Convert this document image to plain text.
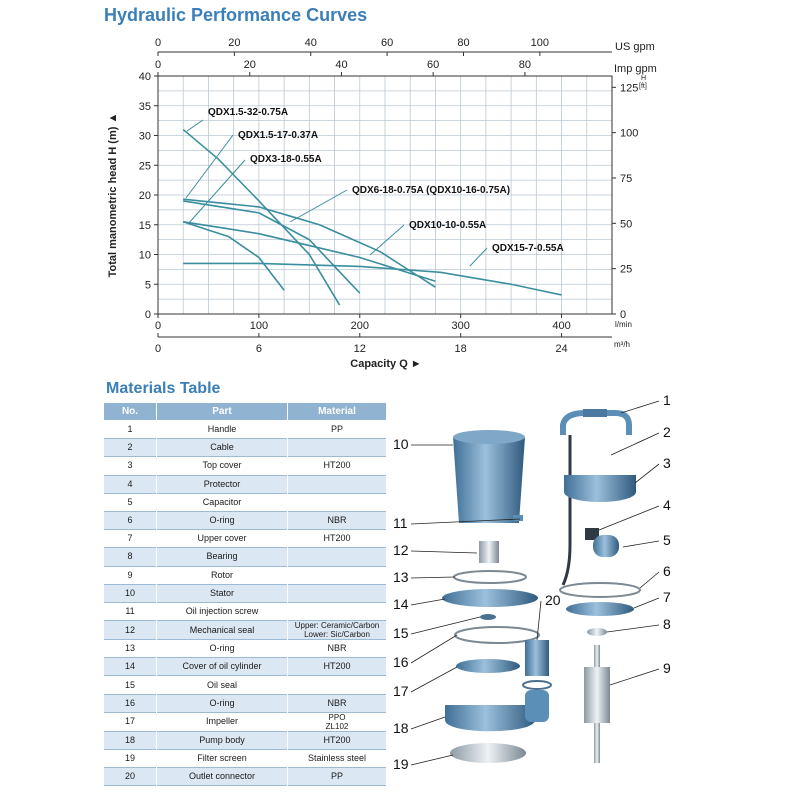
Hydraulic Performance Curves
0
5
10
15
20
25
30
35
40
0	100	200	300	400	l/min
0	6	12	18	24	m³/h
0	20	40	60	80	100	US gpm
0	20	40	60	80	Imp gpm
0
25
50
75
100
125
H
[ft]
Total manometric head H (m) ▲
Capacity Q ►
QDX1.5-32-0.75A
QDX1.5-17-0.37A
QDX3-18-0.55A
QDX6-18-0.75A (QDX10-16-0.75A)
QDX10-10-0.55A
QDX15-7-0.55A
Materials Table
No.	Part	Material
1	Handle	PP
2	Cable	
3	Top cover	HT200
4	Protector	
5	Capacitor	
6	O-ring	NBR
7	Upper cover	HT200
8	Bearing	
9	Rotor	
10	Stator	
11	Oil injection screw	
12	Mechanical seal	Upper: Ceramic/Carbon
Lower: Sic/Carbon

13	O-ring	NBR
14	Cover of oil cylinder	HT200
15	Oil seal	
16	O-ring	NBR
17	Impeller	PPO
ZL102

18	Pump body	HT200
19	Filter screen	Stainless steel
20	Outlet connector	PP
1
2
3
4
5
6
7
8
9
10
11
12
13
14
15
16
17
18
19
20
